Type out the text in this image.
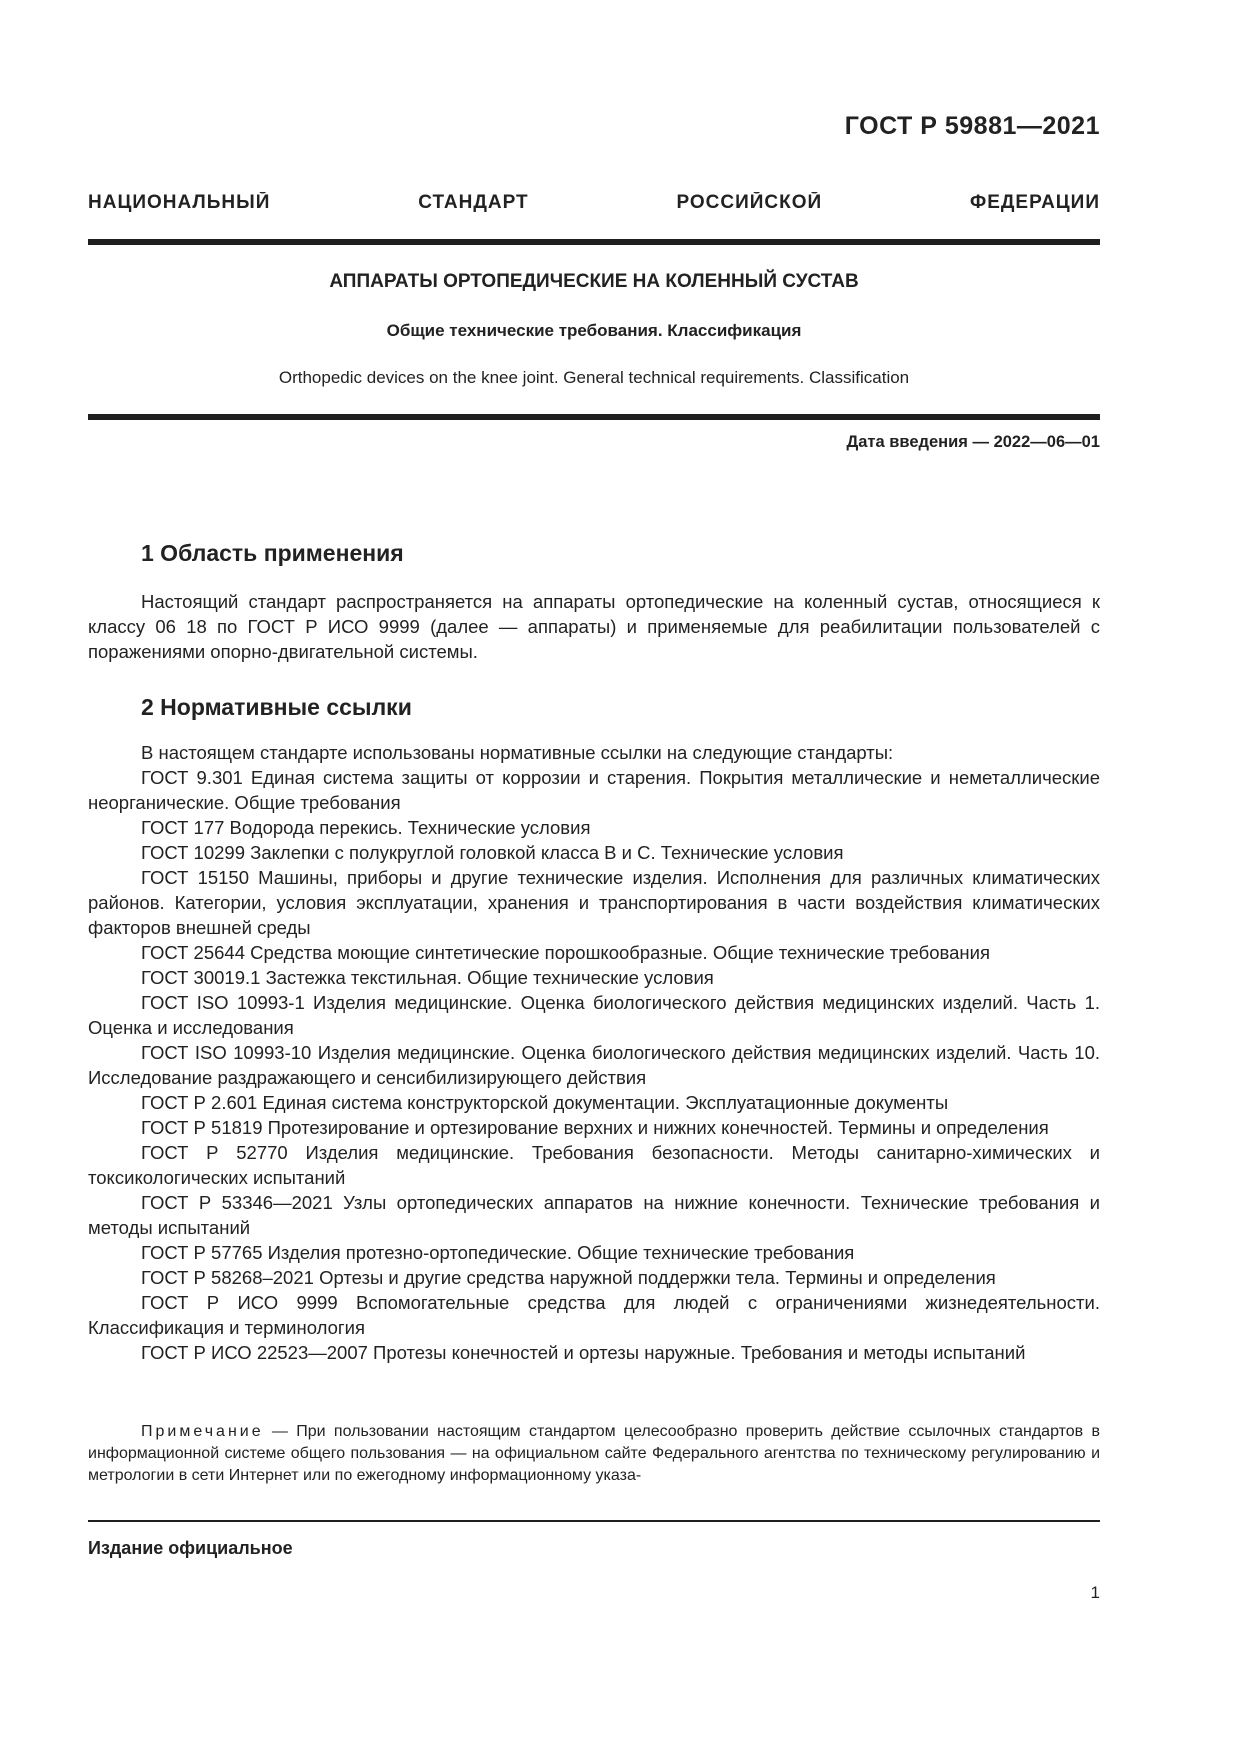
ГОСТ Р 59881—2021
НАЦИОНАЛЬНЫЙ СТАНДАРТ РОССИЙСКОЙ ФЕДЕРАЦИИ
АППАРАТЫ ОРТОПЕДИЧЕСКИЕ НА КОЛЕННЫЙ СУСТАВ
Общие технические требования. Классификация
Orthopedic devices on the knee joint. General technical requirements. Classification
Дата введения — 2022—06—01
1 Область применения

Настоящий стандарт распространяется на аппараты ортопедические на коленный сустав, относящиеся к классу 06 18 по ГОСТ Р ИСО 9999 (далее — аппараты) и применяемые для реабилитации пользователей с поражениями опорно-двигательной системы.

2 Нормативные ссылки

В настоящем стандарте использованы нормативные ссылки на следующие стандарты:

ГОСТ 9.301 Единая система защиты от коррозии и старения. Покрытия металлические и неметаллические неорганические. Общие требования

ГОСТ 177 Водорода перекись. Технические условия

ГОСТ 10299 Заклепки с полукруглой головкой класса В и С. Технические условия

ГОСТ 15150 Машины, приборы и другие технические изделия. Исполнения для различных климатических районов. Категории, условия эксплуатации, хранения и транспортирования в части воздействия климатических факторов внешней среды

ГОСТ 25644 Средства моющие синтетические порошкообразные. Общие технические требования

ГОСТ 30019.1 Застежка текстильная. Общие технические условия

ГОСТ ISO 10993-1 Изделия медицинские. Оценка биологического действия медицинских изделий. Часть 1. Оценка и исследования

ГОСТ ISO 10993-10 Изделия медицинские. Оценка биологического действия медицинских изделий. Часть 10. Исследование раздражающего и сенсибилизирующего действия

ГОСТ Р 2.601 Единая система конструкторской документации. Эксплуатационные документы

ГОСТ Р 51819 Протезирование и ортезирование верхних и нижних конечностей. Термины и определения

ГОСТ Р 52770 Изделия медицинские. Требования безопасности. Методы санитарно-химических и токсикологических испытаний

ГОСТ Р 53346—2021 Узлы ортопедических аппаратов на нижние конечности. Технические требования и методы испытаний

ГОСТ Р 57765 Изделия протезно-ортопедические. Общие технические требования

ГОСТ Р 58268–2021 Ортезы и другие средства наружной поддержки тела. Термины и определения

ГОСТ Р ИСО 9999 Вспомогательные средства для людей с ограничениями жизнедеятельности. Классификация и терминология

ГОСТ Р ИСО 22523—2007 Протезы конечностей и ортезы наружные. Требования и методы испытаний

Примечание — При пользовании настоящим стандартом целесообразно проверить действие ссылочных стандартов в информационной системе общего пользования — на официальном сайте Федерального агентства по техническому регулированию и метрологии в сети Интернет или по ежегодному информационному указа-

Издание официальное
1
